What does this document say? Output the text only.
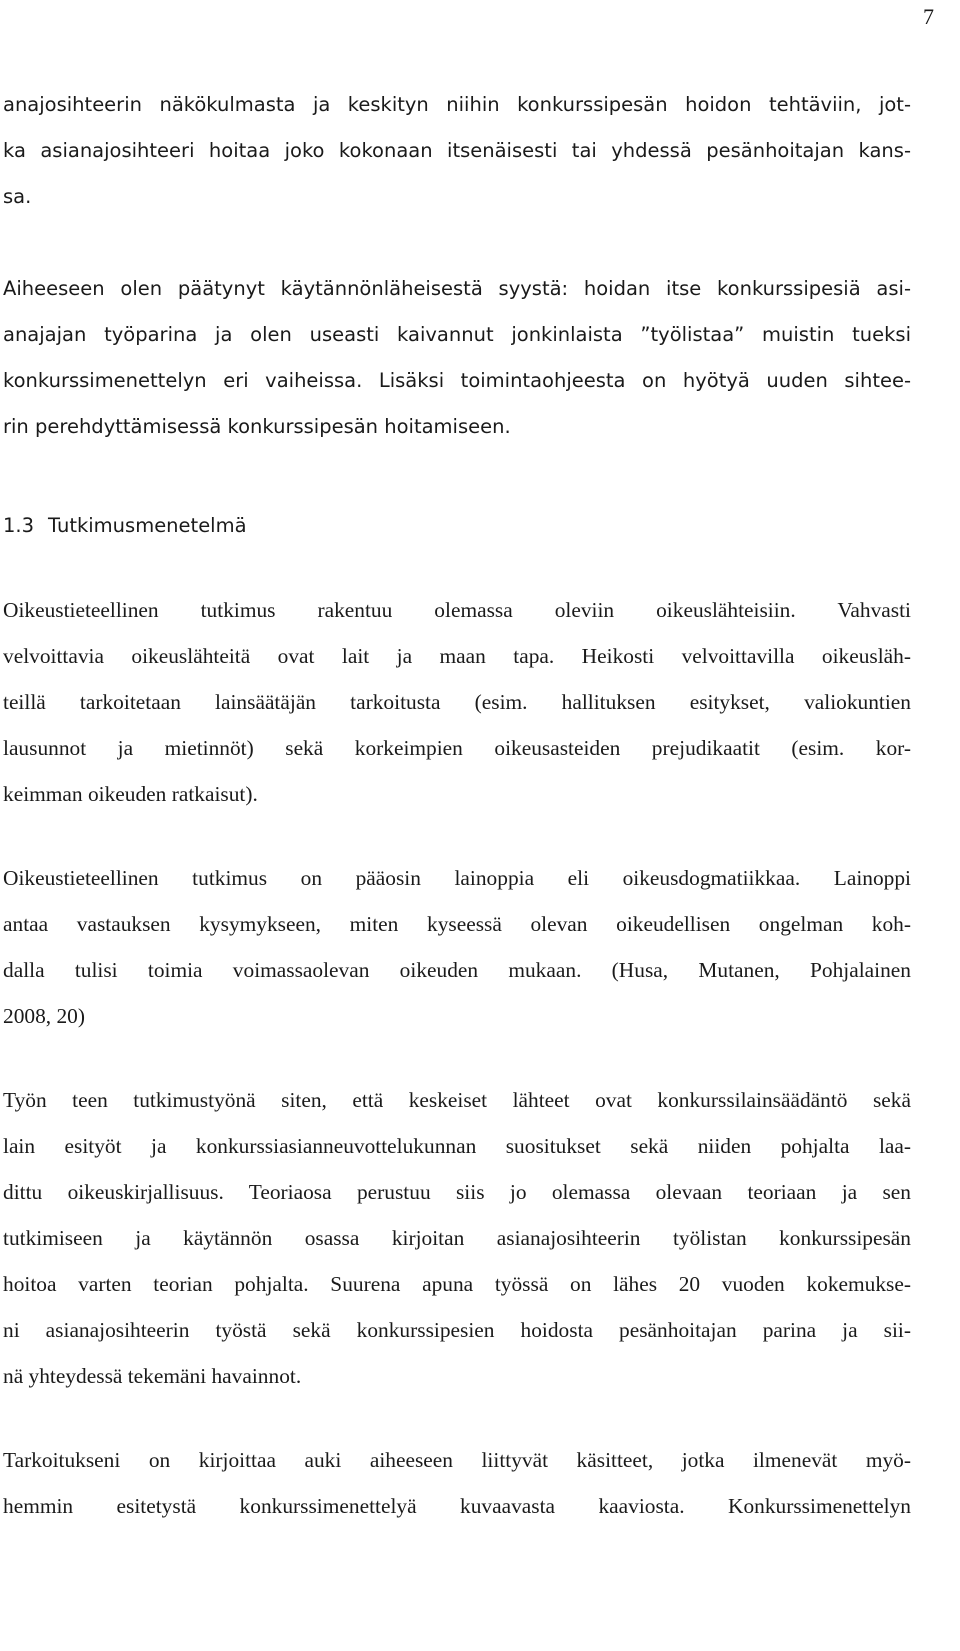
7
anajosihteerin näkökulmasta ja keskityn niihin konkurssipesän hoidon tehtäviin, jot-
ka asianajosihteeri hoitaa joko kokonaan itsenäisesti tai yhdessä pesänhoitajan kans-
sa.
Aiheeseen olen päätynyt käytännönläheisestä syystä: hoidan itse konkurssipesiä asi-
anajajan työparina ja olen useasti kaivannut jonkinlaista ”työlistaa” muistin tueksi
konkurssimenettelyn eri vaiheissa. Lisäksi toimintaohjeesta on hyötyä uuden sihtee-
rin perehdyttämisessä konkurssipesän hoitamiseen.
1.3 Tutkimusmenetelmä
Oikeustieteellinen tutkimus rakentuu olemassa oleviin oikeuslähteisiin. Vahvasti
velvoittavia oikeuslähteitä ovat lait ja maan tapa. Heikosti velvoittavilla oikeusläh-
teillä tarkoitetaan lainsäätäjän tarkoitusta (esim. hallituksen esitykset, valiokuntien
lausunnot ja mietinnöt) sekä korkeimpien oikeusasteiden prejudikaatit (esim. kor-
keimman oikeuden ratkaisut).
Oikeustieteellinen tutkimus on pääosin lainoppia eli oikeusdogmatiikkaa. Lainoppi
antaa vastauksen kysymykseen, miten kyseessä olevan oikeudellisen ongelman koh-
dalla tulisi toimia voimassaolevan oikeuden mukaan. (Husa, Mutanen, Pohjalainen
2008, 20)
Työn teen tutkimustyönä siten, että keskeiset lähteet ovat konkurssilainsäädäntö sekä
lain esityöt ja konkurssiasianneuvottelukunnan suositukset sekä niiden pohjalta laa-
dittu oikeuskirjallisuus. Teoriaosa perustuu siis jo olemassa olevaan teoriaan ja sen
tutkimiseen ja käytännön osassa kirjoitan asianajosihteerin työlistan konkurssipesän
hoitoa varten teorian pohjalta. Suurena apuna työssä on lähes 20 vuoden kokemukse-
ni asianajosihteerin työstä sekä konkurssipesien hoidosta pesänhoitajan parina ja sii-
nä yhteydessä tekemäni havainnot.
Tarkoitukseni on kirjoittaa auki aiheeseen liittyvät käsitteet, jotka ilmenevät myö-
hemmin esitetystä konkurssimenettelyä kuvaavasta kaaviosta. Konkurssimenettelyn
